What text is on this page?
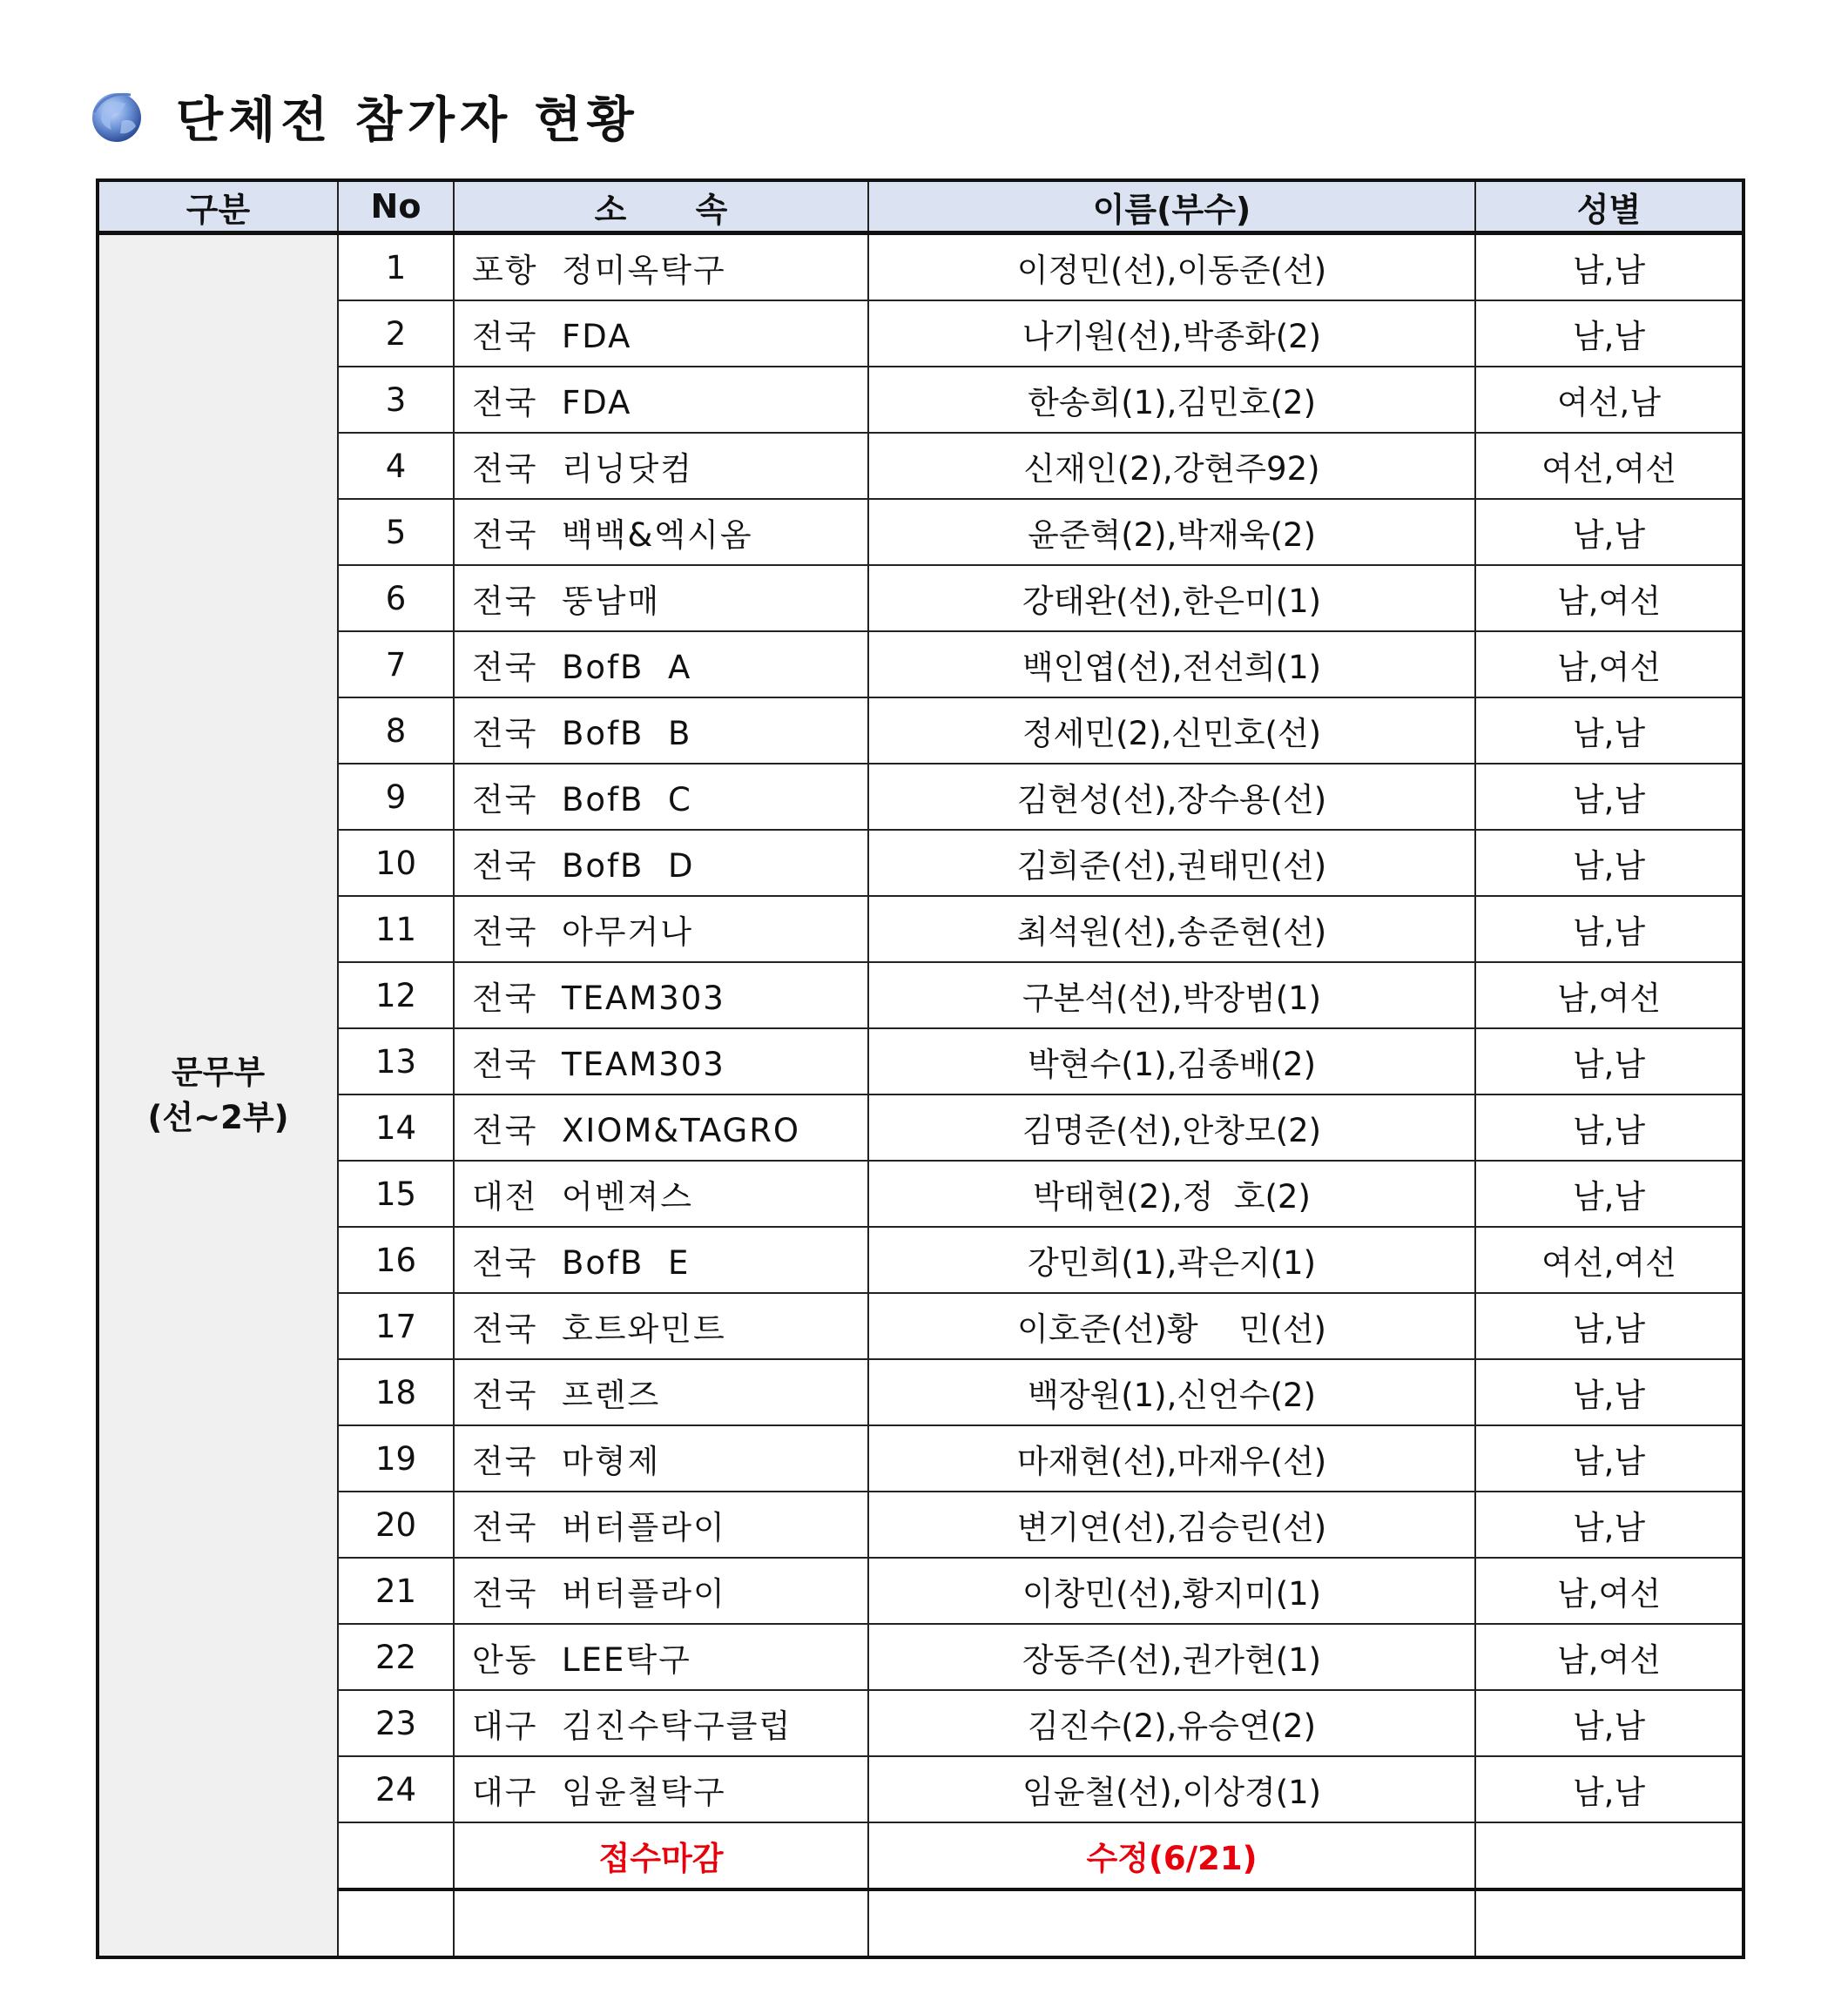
단체전 참가자 현황
구분	No	소      속	이름(부수)	성별

문무부
(선~2부)	1	포항  정미옥탁구	이정민(선),이동준(선)	남,남
	2	전국  FDA	나기원(선),박종화(2)	남,남
	3	전국  FDA	한송희(1),김민호(2)	여선,남
	4	전국  리닝닷컴	신재인(2),강현주92)	여선,여선
	5	전국  백백&엑시옴	윤준혁(2),박재욱(2)	남,남
	6	전국  뚱남매	강태완(선),한은미(1)	남,여선
	7	전국  BofB  A	백인엽(선),전선희(1)	남,여선
	8	전국  BofB  B	정세민(2),신민호(선)	남,남
	9	전국  BofB  C	김현성(선),장수용(선)	남,남
	10	전국  BofB  D	김희준(선),권태민(선)	남,남
	11	전국  아무거나	최석원(선),송준현(선)	남,남
	12	전국  TEAM303	구본석(선),박장범(1)	남,여선
	13	전국  TEAM303	박현수(1),김종배(2)	남,남
	14	전국  XIOM&TAGRO	김명준(선),안창모(2)	남,남
	15	대전  어벤져스	박태현(2),정  호(2)	남,남
	16	전국  BofB  E	강민희(1),곽은지(1)	여선,여선
	17	전국  호트와민트	이호준(선)황    민(선)	남,남
	18	전국  프렌즈	백장원(1),신언수(2)	남,남
	19	전국  마형제	마재현(선),마재우(선)	남,남
	20	전국  버터플라이	변기연(선),김승린(선)	남,남
	21	전국  버터플라이	이창민(선),황지미(1)	남,여선
	22	안동  LEE탁구	장동주(선),권가현(1)	남,여선
	23	대구  김진수탁구클럽	김진수(2),유승연(2)	남,남
	24	대구  임윤철탁구	임윤철(선),이상경(1)	남,남
		접수마감	수정(6/21)	
